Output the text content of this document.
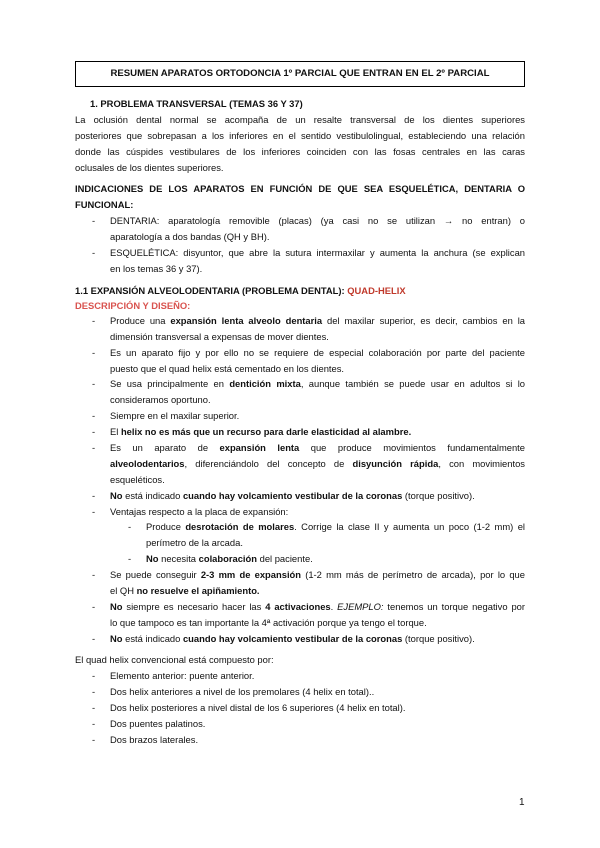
RESUMEN APARATOS ORTODONCIA 1º PARCIAL QUE ENTRAN EN EL 2º PARCIAL
1. PROBLEMA TRANSVERSAL (TEMAS 36 Y 37)
La oclusión dental normal se acompaña de un resalte transversal de los dientes superiores
posteriores que sobrepasan a los inferiores en el sentido vestibulolingual, estableciendo una relación
donde las cúspides vestibulares de los inferiores coinciden con las fosas centrales en las caras
oclusales de los dientes superiores.
INDICACIONES DE LOS APARATOS EN FUNCIÓN DE QUE SEA ESQUELÉTICA, DENTARIA O
FUNCIONAL:
- DENTARIA: aparatología removible (placas) (ya casi no se utilizan → no entran) o
aparatología a dos bandas (QH y BH).
- ESQUELÉTICA: disyuntor, que abre la sutura intermaxilar y aumenta la anchura (se explican
en los temas 36 y 37).
1.1 EXPANSIÓN ALVEOLODENTARIA (PROBLEMA DENTAL): QUAD-HELIX
DESCRIPCIÓN Y DISEÑO:
- Produce una expansión lenta alveolo dentaria del maxilar superior, es decir, cambios en la
dimensión transversal a expensas de mover dientes.
- Es un aparato fijo y por ello no se requiere de especial colaboración por parte del paciente
puesto que el quad helix está cementado en los dientes.
- Se usa principalmente en dentición mixta, aunque también se puede usar en adultos si lo
consideramos oportuno.
- Siempre en el maxilar superior.
- El helix no es más que un recurso para darle elasticidad al alambre.
- Es un aparato de expansión lenta que produce movimientos fundamentalmente
alveolodentarios, diferenciándolo del concepto de disyunción rápida, con movimientos
esqueléticos.
- No está indicado cuando hay volcamiento vestibular de la coronas (torque positivo).
- Ventajas respecto a la placa de expansión:
- Produce desrotación de molares. Corrige la clase II y aumenta un poco (1-2 mm) el
perímetro de la arcada.
- No necesita colaboración del paciente.
- Se puede conseguir 2-3 mm de expansión (1-2 mm más de perímetro de arcada), por lo que
el QH no resuelve el apiñamiento.
- No siempre es necesario hacer las 4 activaciones. EJEMPLO: tenemos un torque negativo por
lo que tampoco es tan importante la 4ª activación porque ya tengo el torque.
- No está indicado cuando hay volcamiento vestibular de la coronas (torque positivo).
El quad helix convencional está compuesto por:
- Elemento anterior: puente anterior.
- Dos helix anteriores a nivel de los premolares (4 helix en total)..
- Dos helix posteriores a nivel distal de los 6 superiores (4 helix en total).
- Dos puentes palatinos.
- Dos brazos laterales.
1
